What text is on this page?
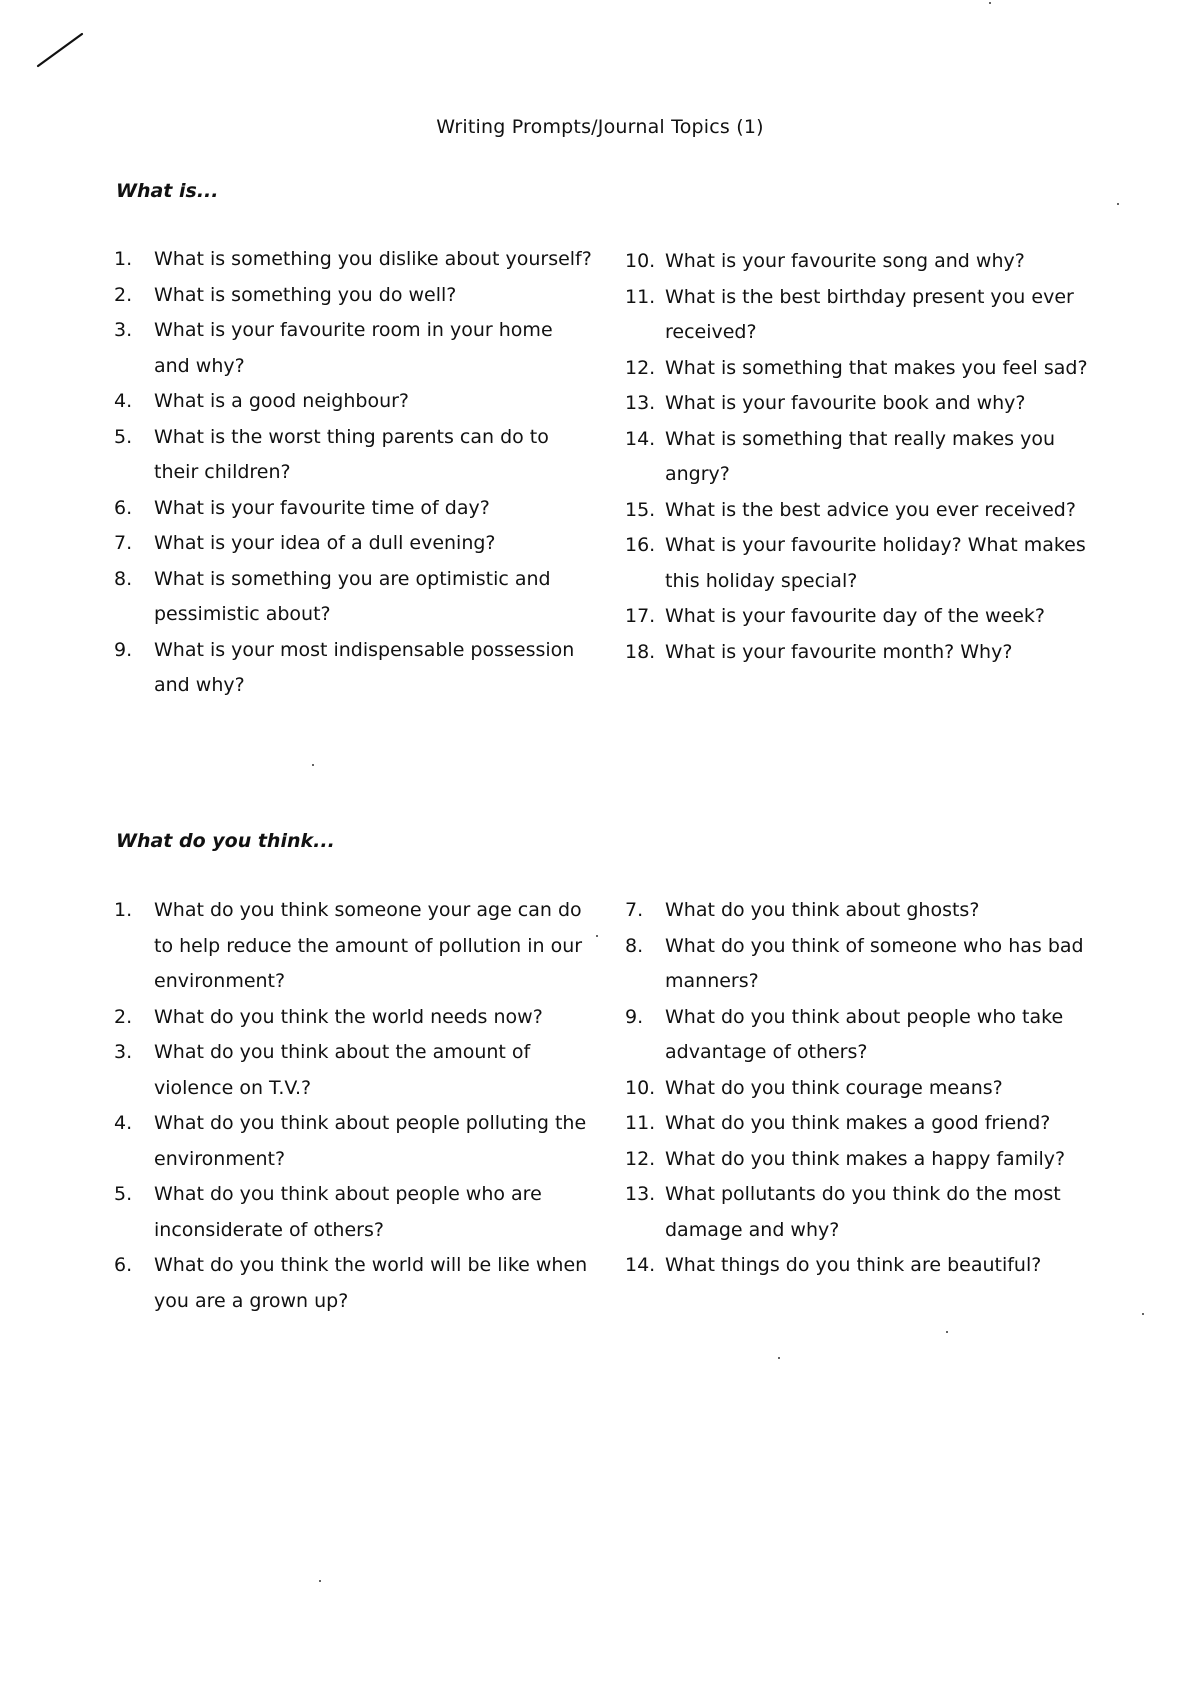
Writing Prompts/Journal Topics (1)
What is...
1.	What is something you dislike about yourself?
2.	What is something you do well?
3.	What is your favourite room in your home and why?
4.	What is a good neighbour?
5.	What is the worst thing parents can do to their children?
6.	What is your favourite time of day?
7.	What is your idea of a dull evening?
8.	What is something you are optimistic and pessimistic about?
9.	What is your most indispensable possession and why?
10. What is your favourite song and why?
11. What is the best birthday present you ever received?
12. What is something that makes you feel sad?
13. What is your favourite book and why?
14. What is something that really makes you angry?
15. What is the best advice you ever received?
16. What is your favourite holiday? What makes this holiday special?
17. What is your favourite day of the week?
18. What is your favourite month? Why?
What do you think...
1.	What do you think someone your age can do to help reduce the amount of pollution in our environment?
2.	What do you think the world needs now?
3.	What do you think about the amount of violence on T.V.?
4.	What do you think about people polluting the environment?
5.	What do you think about people who are inconsiderate of others?
6.	What do you think the world will be like when you are a grown up?
7.	What do you think about ghosts?
8.	What do you think of someone who has bad manners?
9.	What do you think about people who take advantage of others?
10. What do you think courage means?
11. What do you think makes a good friend?
12. What do you think makes a happy family?
13. What pollutants do you think do the most damage and why?
14. What things do you think are beautiful?
